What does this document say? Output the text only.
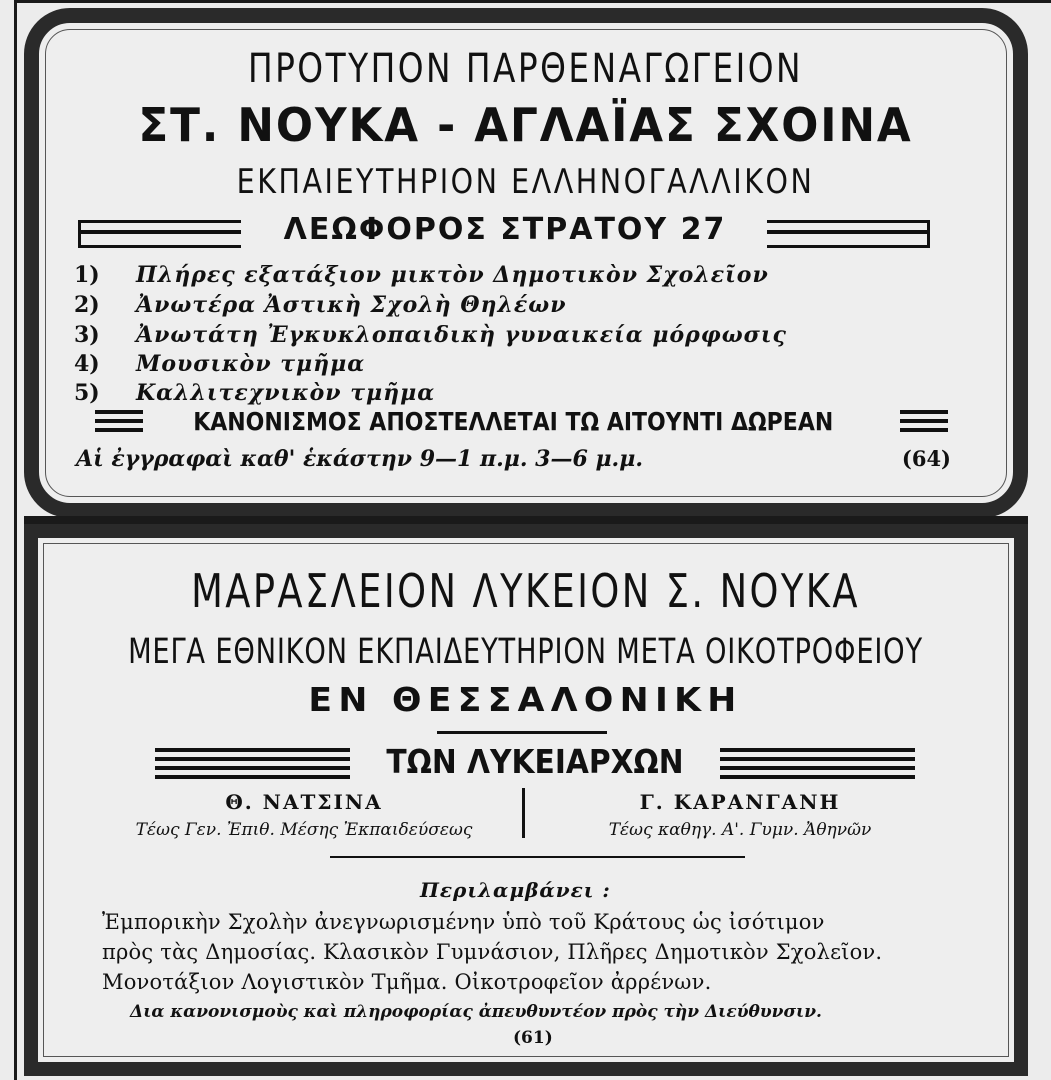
ΠΡΟΤΥΠΟΝ ΠΑΡΘΕΝΑΓΩΓΕΙΟΝ
ΣΤ. ΝΟΥΚΑ - ΑΓΛΑΪΑΣ ΣΧΟΙΝΑ
ΕΚΠΑΙΕΥΤΗΡΙΟΝ ΕΛΛΗΝΟΓΑΛΛΙΚΟΝ
ΛΕΩΦΟΡΟΣ ΣΤΡΑΤΟΥ 27
1) Πλήρες εξατάξιον μικτὸν Δημοτικὸν Σχολεῖον
2) Ἀνωτέρα Ἀστικὴ Σχολὴ Θηλέων
3) Ἀνωτάτη Ἐγκυκλοπαιδικὴ γυναικεία μόρφωσις
4) Μουσικὸν τμῆμα
5) Καλλιτεχνικὸν τμῆμα
ΚΑΝΟΝΙΣΜΟΣ ΑΠΟΣΤΕΛΛΕΤΑΙ ΤΩ ΑΙΤΟΥΝΤΙ ΔΩΡΕΑΝ
Αἱ ἐγγραφαὶ καθ' ἑκάστην 9—1 π.μ. 3—6 μ.μ.	(64)
ΜΑΡΑΣΛΕΙΟΝ ΛΥΚΕΙΟΝ Σ. ΝΟΥΚΑ
ΜΕΓΑ ΕΘΝΙΚΟΝ ΕΚΠΑΙΔΕΥΤΗΡΙΟΝ ΜΕΤΑ ΟΙΚΟΤΡΟΦΕΙΟΥ
ΕΝ ΘΕΣΣΑΛΟΝΙΚΗ
ΤΩΝ ΛΥΚΕΙΑΡΧΩΝ
Θ. ΝΑΤΣΙΝΑ
Τέως Γεν. Ἐπιθ. Μέσης Ἐκπαιδεύσεως
Γ. ΚΑΡΑΝΓΑΝΗ
Τέως καθηγ. Α'. Γυμν. Ἀθηνῶν
Περιλαμβάνει :
Ἐμπορικὴν Σχολὴν ἀνεγνωρισμένην ὑπὸ τοῦ Κράτους ὡς ἰσότιμον
πρὸς τὰς Δημοσίας. Κλασικὸν Γυμνάσιον, Πλῆρες Δημοτικὸν Σχολεῖον.
Μονοτάξιον Λογιστικὸν Τμῆμα. Οἰκοτροφεῖον ἀρρένων.
Δια κανονισμοὺς καὶ πληροφορίας ἀπευθυντέον πρὸς τὴν Διεύθυνσιν.
(61)
